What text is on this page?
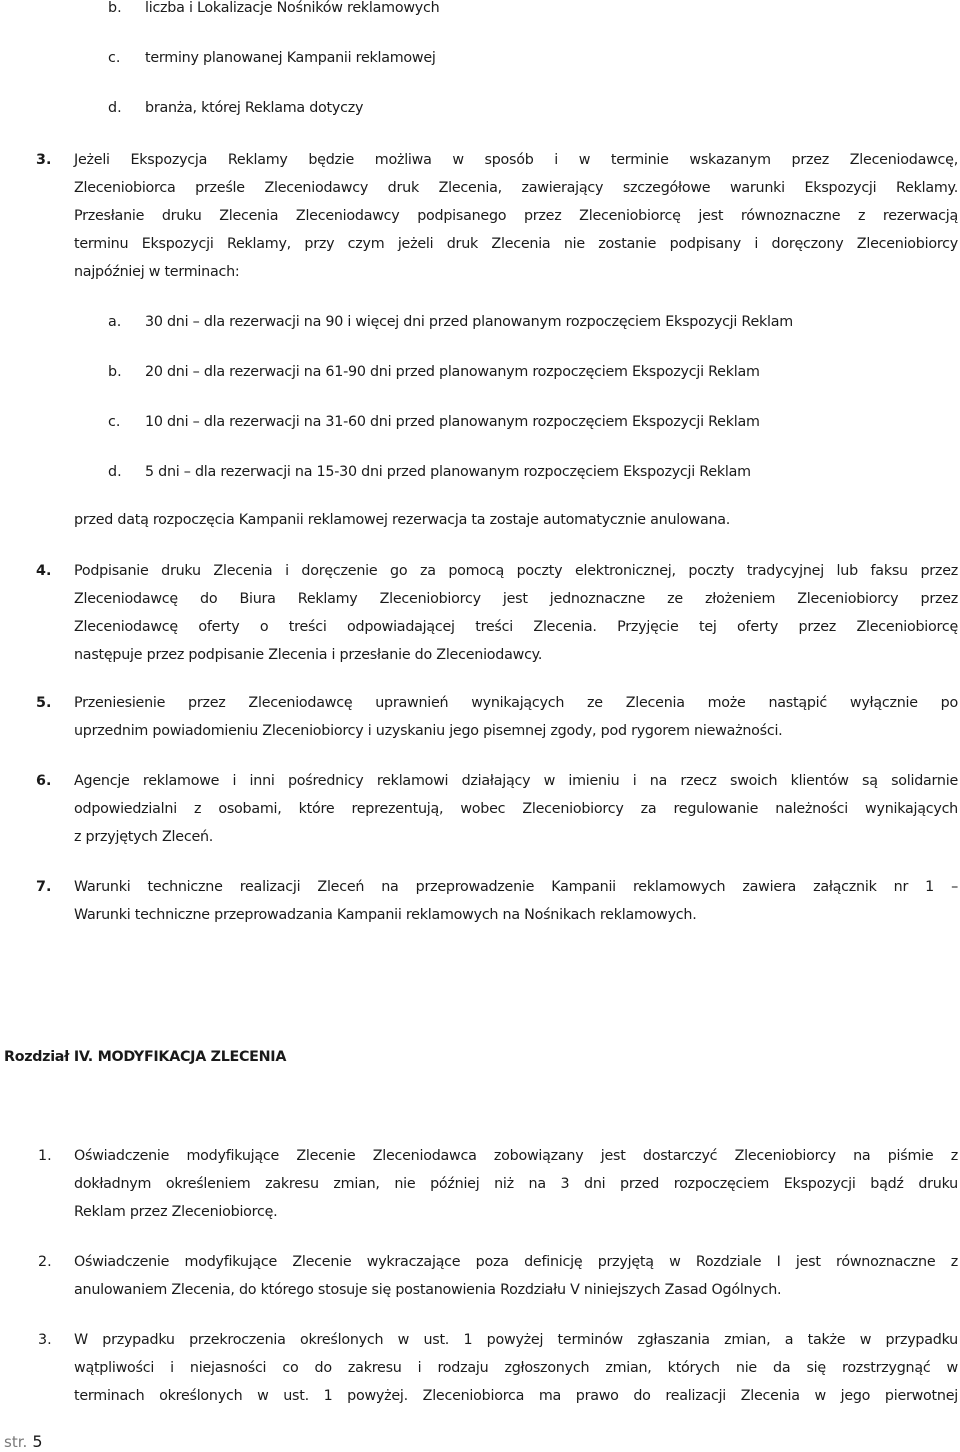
b. liczba i Lokalizacje Nośników reklamowych
c. terminy planowanej Kampanii reklamowej
d. branża, której Reklama dotyczy
3. Jeżeli Ekspozycja Reklamy będzie możliwa w sposób i w terminie wskazanym przez Zleceniodawcę,
Zleceniobiorca prześle Zleceniodawcy druk Zlecenia, zawierający szczegółowe warunki Ekspozycji Reklamy.
Przesłanie druku Zlecenia Zleceniodawcy podpisanego przez Zleceniobiorcę jest równoznaczne z rezerwacją
terminu Ekspozycji Reklamy, przy czym jeżeli druk Zlecenia nie zostanie podpisany i doręczony Zleceniobiorcy
najpóźniej w terminach:
a. 30 dni – dla rezerwacji na 90 i więcej dni przed planowanym rozpoczęciem Ekspozycji Reklam
b. 20 dni – dla rezerwacji na 61-90 dni przed planowanym rozpoczęciem Ekspozycji Reklam
c. 10 dni – dla rezerwacji na 31-60 dni przed planowanym rozpoczęciem Ekspozycji Reklam
d. 5 dni – dla rezerwacji na 15-30 dni przed planowanym rozpoczęciem Ekspozycji Reklam
przed datą rozpoczęcia Kampanii reklamowej rezerwacja ta zostaje automatycznie anulowana.
4. Podpisanie druku Zlecenia i doręczenie go za pomocą poczty elektronicznej, poczty tradycyjnej lub faksu przez
Zleceniodawcę do Biura Reklamy Zleceniobiorcy jest jednoznaczne ze złożeniem Zleceniobiorcy przez
Zleceniodawcę oferty o treści odpowiadającej treści Zlecenia. Przyjęcie tej oferty przez Zleceniobiorcę
następuje przez podpisanie Zlecenia i przesłanie do Zleceniodawcy.
5. Przeniesienie przez Zleceniodawcę uprawnień wynikających ze Zlecenia może nastąpić wyłącznie po
uprzednim powiadomieniu Zleceniobiorcy i uzyskaniu jego pisemnej zgody, pod rygorem nieważności.
6. Agencje reklamowe i inni pośrednicy reklamowi działający w imieniu i na rzecz swoich klientów są solidarnie
odpowiedzialni z osobami, które reprezentują, wobec Zleceniobiorcy za regulowanie należności wynikających
z przyjętych Zleceń.
7. Warunki techniczne realizacji Zleceń na przeprowadzenie Kampanii reklamowych zawiera załącznik nr 1 –
Warunki techniczne przeprowadzania Kampanii reklamowych na Nośnikach reklamowych.
Rozdział IV. MODYFIKACJA ZLECENIA
1. Oświadczenie modyfikujące Zlecenie Zleceniodawca zobowiązany jest dostarczyć Zleceniobiorcy na piśmie z
dokładnym określeniem zakresu zmian, nie później niż na 3 dni przed rozpoczęciem Ekspozycji bądź druku
Reklam przez Zleceniobiorcę.
2. Oświadczenie modyfikujące Zlecenie wykraczające poza definicję przyjętą w Rozdziale I jest równoznaczne z
anulowaniem Zlecenia, do którego stosuje się postanowienia Rozdziału V niniejszych Zasad Ogólnych.
3. W przypadku przekroczenia określonych w ust. 1 powyżej terminów zgłaszania zmian, a także w przypadku
wątpliwości i niejasności co do zakresu i rodzaju zgłoszonych zmian, których nie da się rozstrzygnąć w
terminach określonych w ust. 1 powyżej. Zleceniobiorca ma prawo do realizacji Zlecenia w jego pierwotnej
str. 5
